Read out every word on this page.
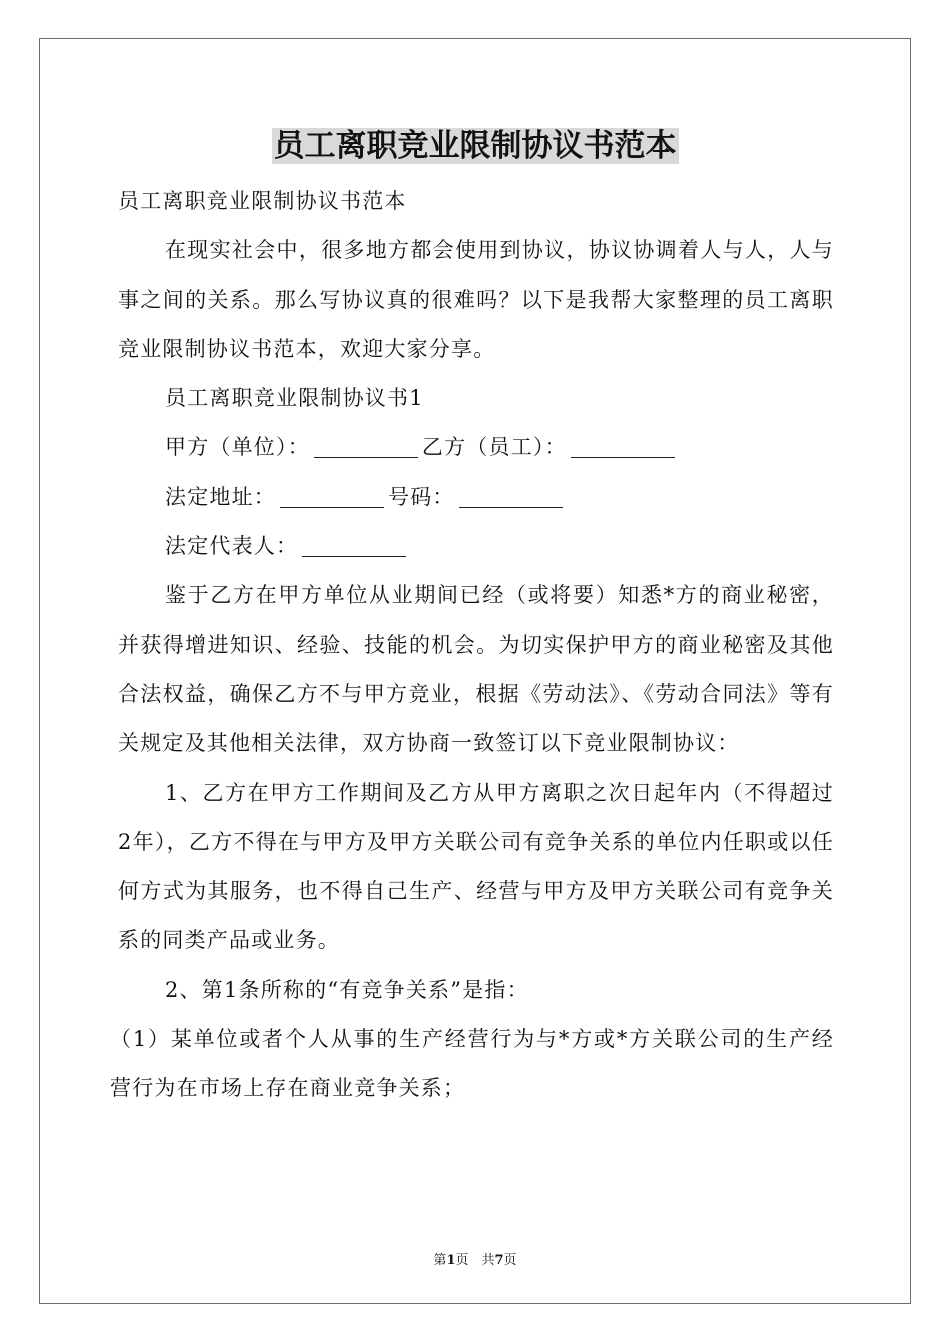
员工离职竞业限制协议书范本

员工离职竞业限制协议书范本

在现实社会中，很多地方都会使用到协议，协议协调着人与人，人与事之间的关系。那么写协议真的很难吗？以下是我帮大家整理的员工离职竞业限制协议书范本，欢迎大家分享。

员工离职竞业限制协议书1

甲方（单位）：	乙方（员工）：

法定地址：	号码：

法定代表人：

鉴于乙方在甲方单位从业期间已经（或将要）知悉*方的商业秘密，并获得增进知识、经验、技能的机会。为切实保护甲方的商业秘密及其他合法权益，确保乙方不与甲方竞业，根据《劳动法》、《劳动合同法》等有关规定及其他相关法律，双方协商一致签订以下竞业限制协议：

1、乙方在甲方工作期间及乙方从甲方离职之次日起年内（不得超过2年），乙方不得在与甲方及甲方关联公司有竞争关系的单位内任职或以任何方式为其服务，也不得自己生产、经营与甲方及甲方关联公司有竞争关系的同类产品或业务。

2、第1条所称的“有竞争关系”是指：

（1）某单位或者个人从事的生产经营行为与*方或*方关联公司的生产经营行为在市场上存在商业竞争关系；

第1页　共7页
